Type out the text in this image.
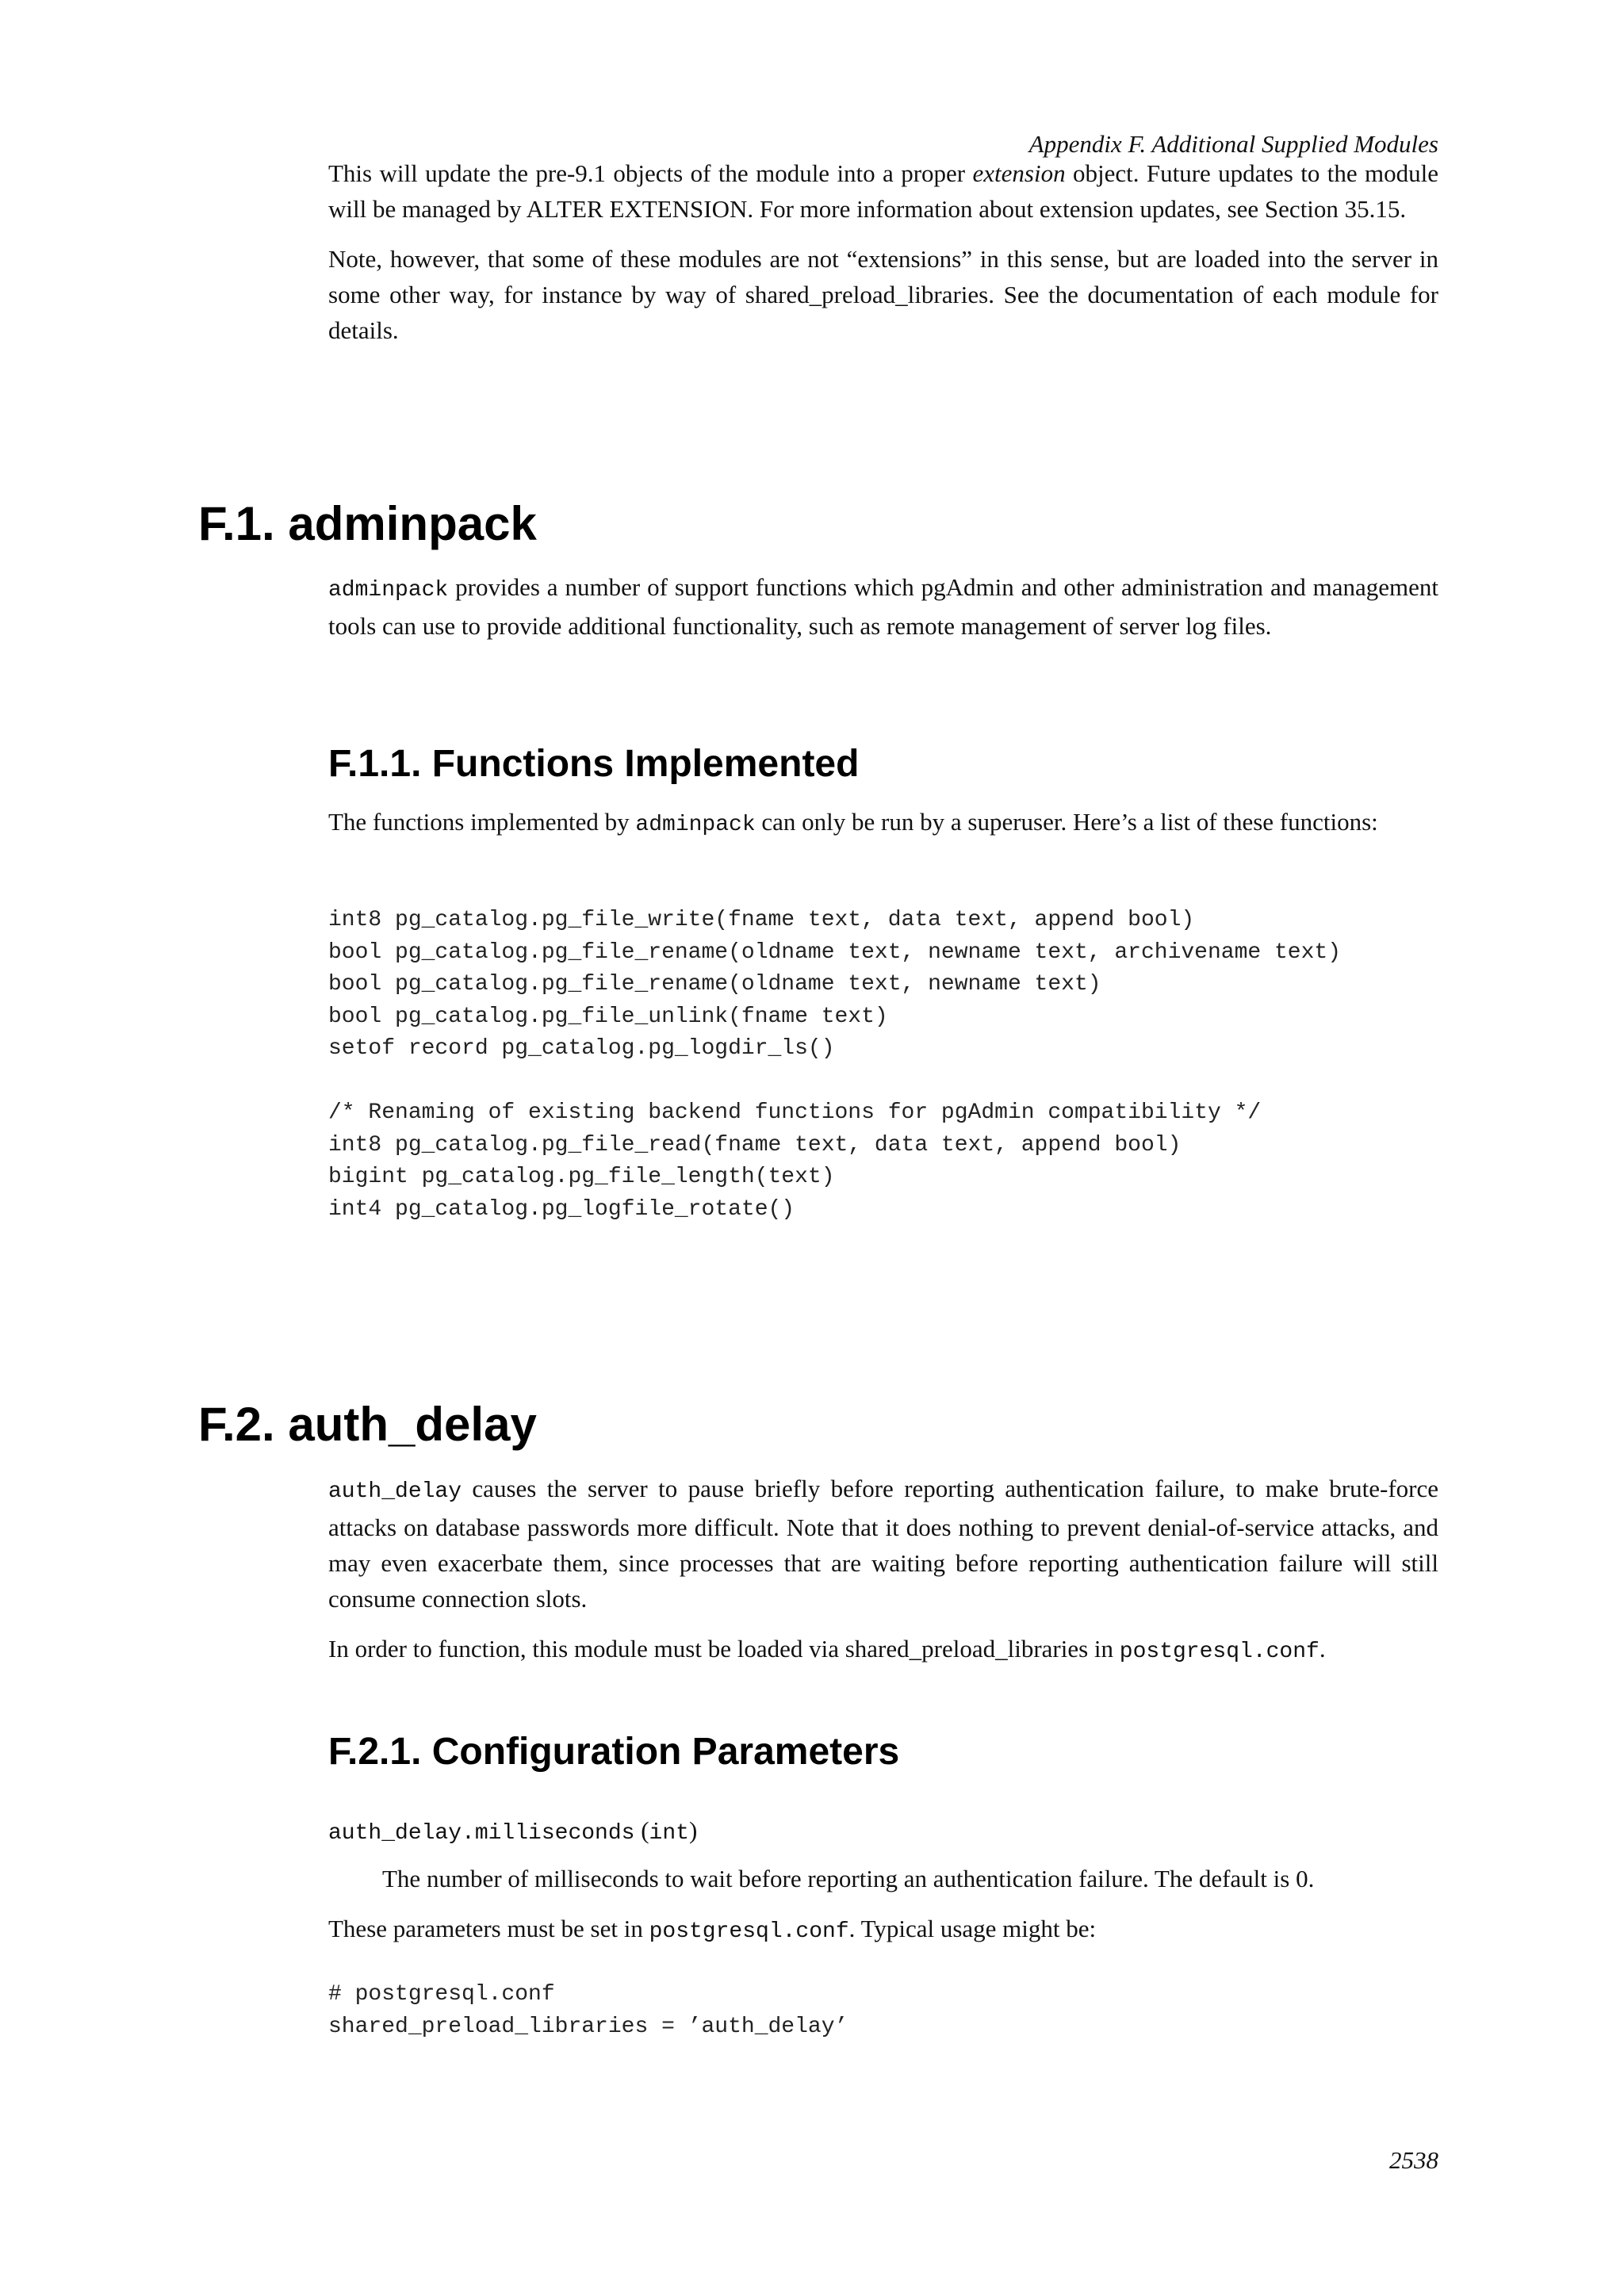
Appendix F. Additional Supplied Modules

This will update the pre-9.1 objects of the module into a proper extension object. Future updates to the module will be managed by ALTER EXTENSION. For more information about extension updates, see Section 35.15.

Note, however, that some of these modules are not “extensions” in this sense, but are loaded into the server in some other way, for instance by way of shared_preload_libraries. See the documentation of each module for details.

F.1. adminpack

adminpack provides a number of support functions which pgAdmin and other administration and management tools can use to provide additional functionality, such as remote management of server log files.

F.1.1. Functions Implemented

The functions implemented by adminpack can only be run by a superuser. Here’s a list of these functions:

int8 pg_catalog.pg_file_write(fname text, data text, append bool)
bool pg_catalog.pg_file_rename(oldname text, newname text, archivename text)
bool pg_catalog.pg_file_rename(oldname text, newname text)
bool pg_catalog.pg_file_unlink(fname text)
setof record pg_catalog.pg_logdir_ls()
/* Renaming of existing backend functions for pgAdmin compatibility */
int8 pg_catalog.pg_file_read(fname text, data text, append bool)
bigint pg_catalog.pg_file_length(text)
int4 pg_catalog.pg_logfile_rotate()
F.2. auth_delay

auth_delay causes the server to pause briefly before reporting authentication failure, to make brute-force attacks on database passwords more difficult. Note that it does nothing to prevent denial-of-service attacks, and may even exacerbate them, since processes that are waiting before reporting authentication failure will still consume connection slots.

In order to function, this module must be loaded via shared_preload_libraries in postgresql.conf.

F.2.1. Configuration Parameters

auth_delay.milliseconds (int)

The number of milliseconds to wait before reporting an authentication failure. The default is 0.

These parameters must be set in postgresql.conf. Typical usage might be:

# postgresql.conf
shared_preload_libraries = ’auth_delay’
2538
